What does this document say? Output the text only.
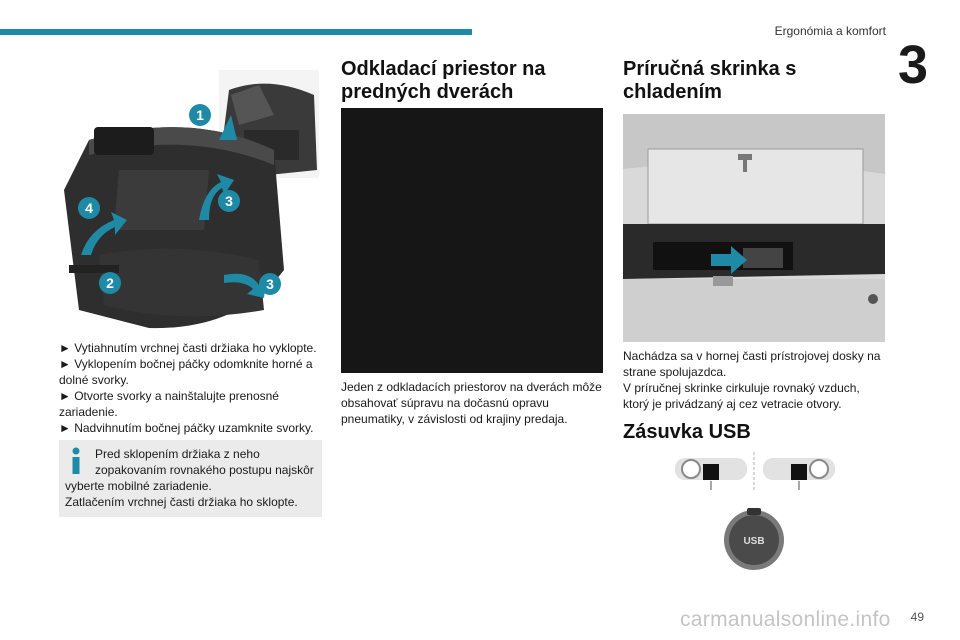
Ergonómia a komfort
3
1
2
3
3
4

► Vytiahnutím vrchnej časti držiaka ho vyklopte.

► Vyklopením bočnej páčky odomknite horné a dolné svorky.

► Otvorte svorky a nainštalujte prenosné zariadenie.

► Nadvihnutím bočnej páčky uzamknite svorky.

Pred sklopením držiaka z neho zopakovaním rovnakého postupu najskôr vyberte mobilné zariadenie.
Zatlačením vrchnej časti držiaka ho sklopte.
Odkladací priestor na predných dverách

Jeden z odkladacích priestorov na dverách môže obsahovať súpravu na dočasnú opravu pneumatiky, v závislosti od krajiny predaja.

Príručná skrinka s chladením

Nachádza sa v hornej časti prístrojovej dosky na strane spolujazdca.

V príručnej skrinke cirkuluje rovnaký vzduch, ktorý je privádzaný aj cez vetracie otvory.

Zásuvka USB
USB
carmanualsonline.info 49
